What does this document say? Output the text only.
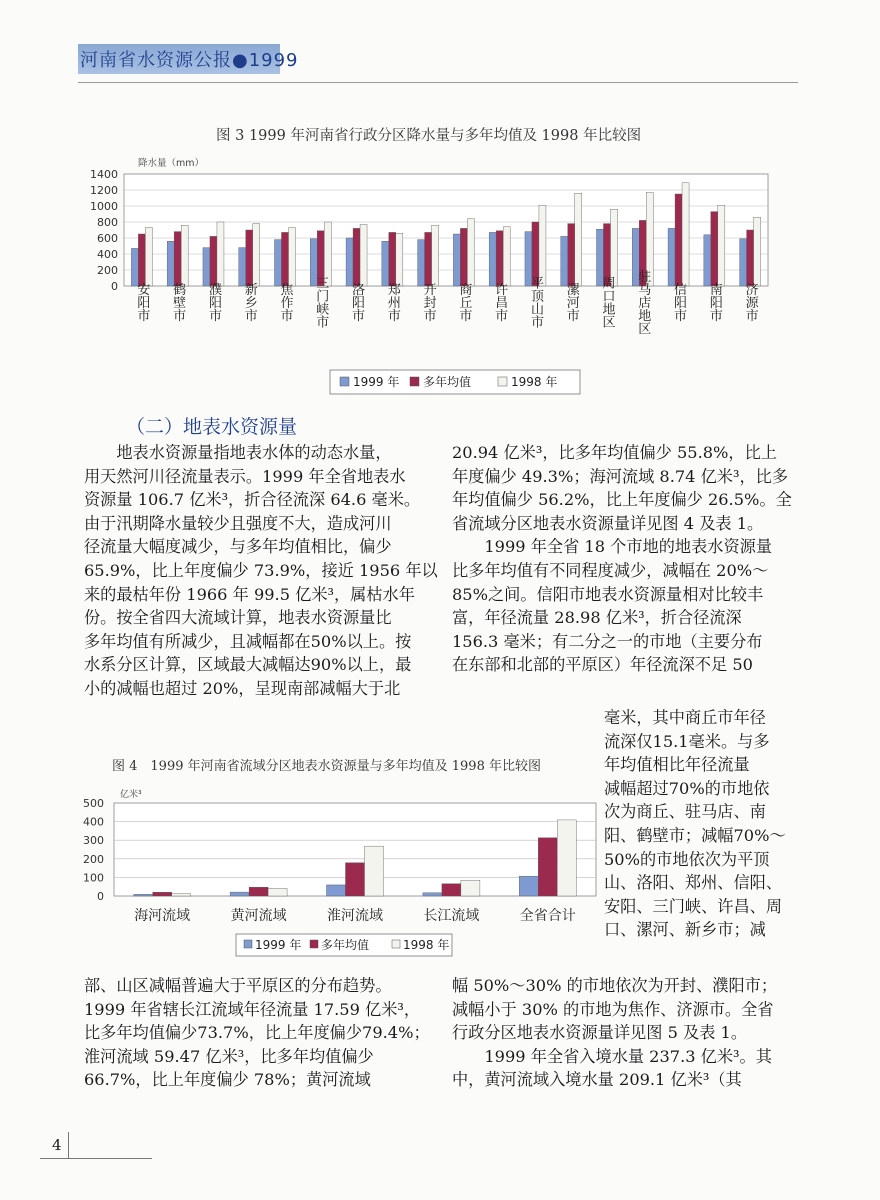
河南省水资源公报●1999
图 3 1999 年河南省行政分区降水量与多年均值及 1998 年比较图
降水量（mm）
0
200
400
600
800
1000
1200
1400
安阳市 鹤壁市 濮阳市 新乡市 焦作市 三门峡市 洛阳市 郑州市 开封市 商丘市 许昌市 平顶山市 漯河市 周口地区 驻马店地区 信阳市 南阳市 济源市
1999 年 多年均值	1998 年
（二）地表水资源量
　　地表水资源量指地表水体的动态水量，
用天然河川径流量表示。1999 年全省地表水
资源量 106.7 亿米³，折合径流深 64.6 毫米。
由于汛期降水量较少且强度不大，造成河川
径流量大幅度减少，与多年均值相比，偏少
65.9%，比上年度偏少 73.9%，接近 1956 年以
来的最枯年份 1966 年 99.5 亿米³，属枯水年
份。按全省四大流域计算，地表水资源量比
多年均值有所减少，且减幅都在50%以上。按
水系分区计算，区域最大减幅达90%以上，最
小的减幅也超过 20%，呈现南部减幅大于北
20.94 亿米³，比多年均值偏少 55.8%，比上
年度偏少 49.3%；海河流域 8.74 亿米³，比多
年均值偏少 56.2%，比上年度偏少 26.5%。全
省流域分区地表水资源量详见图 4 及表 1。
　　1999 年全省 18 个市地的地表水资源量
比多年均值有不同程度减少，减幅在 20%～
85%之间。信阳市地表水资源量相对比较丰
富，年径流量 28.98 亿米³，折合径流深
156.3 毫米；有二分之一的市地（主要分布
在东部和北部的平原区）年径流深不足 50
毫米，其中商丘市年径
流深仅15.1毫米。与多
年均值相比年径流量
减幅超过70%的市地依
次为商丘、驻马店、南
阳、鹤壁市；减幅70%～
50%的市地依次为平顶
山、洛阳、郑州、信阳、
安阳、三门峡、许昌、周
口、漯河、新乡市；减
图 4　1999 年河南省流域分区地表水资源量与多年均值及 1998 年比较图
亿米³
0
100
200
300
400
500
海河流域	黄河流域	淮河流域	长江流域	全省合计
1999 年 多年均值	1998 年
部、山区减幅普遍大于平原区的分布趋势。
1999 年省辖长江流域年径流量 17.59 亿米³，
比多年均值偏少73.7%，比上年度偏少79.4%；
淮河流域 59.47 亿米³，比多年均值偏少
66.7%，比上年度偏少 78%；黄河流域
幅 50%～30% 的市地依次为开封、濮阳市；
减幅小于 30% 的市地为焦作、济源市。全省
行政分区地表水资源量详见图 5 及表 1。
　　1999 年全省入境水量 237.3 亿米³。其
中，黄河流域入境水量 209.1 亿米³（其
4
